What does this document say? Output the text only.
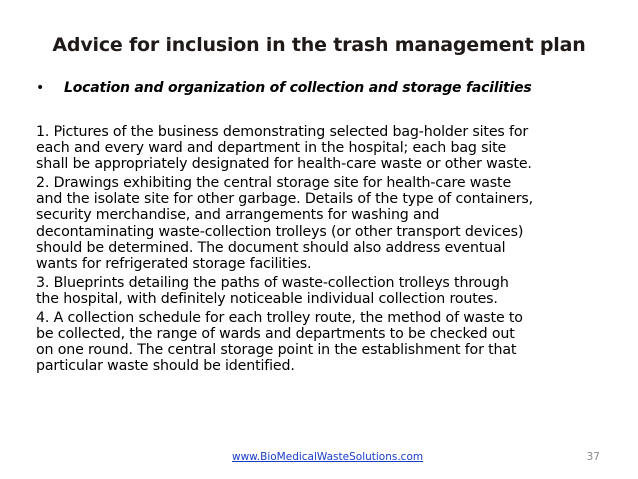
Advice for inclusion in the trash management plan
•	Location and organization of collection and storage facilities

1. Pictures of the business demonstrating selected bag-holder sites for
each and every ward and department in the hospital; each bag site
shall be appropriately designated for health-care waste or other waste.

2. Drawings exhibiting the central storage site for health-care waste
and the isolate site for other garbage. Details of the type of containers,
security merchandise, and arrangements for washing and
decontaminating waste-collection trolleys (or other transport devices)
should be determined. The document should also address eventual
wants for refrigerated storage facilities.

3. Blueprints detailing the paths of waste-collection trolleys through
the hospital, with definitely noticeable individual collection routes.

4. A collection schedule for each trolley route, the method of waste to
be collected, the range of wards and departments to be checked out
on one round. The central storage point in the establishment for that
particular waste should be identified.

www.BioMedicalWasteSolutions.com	37
